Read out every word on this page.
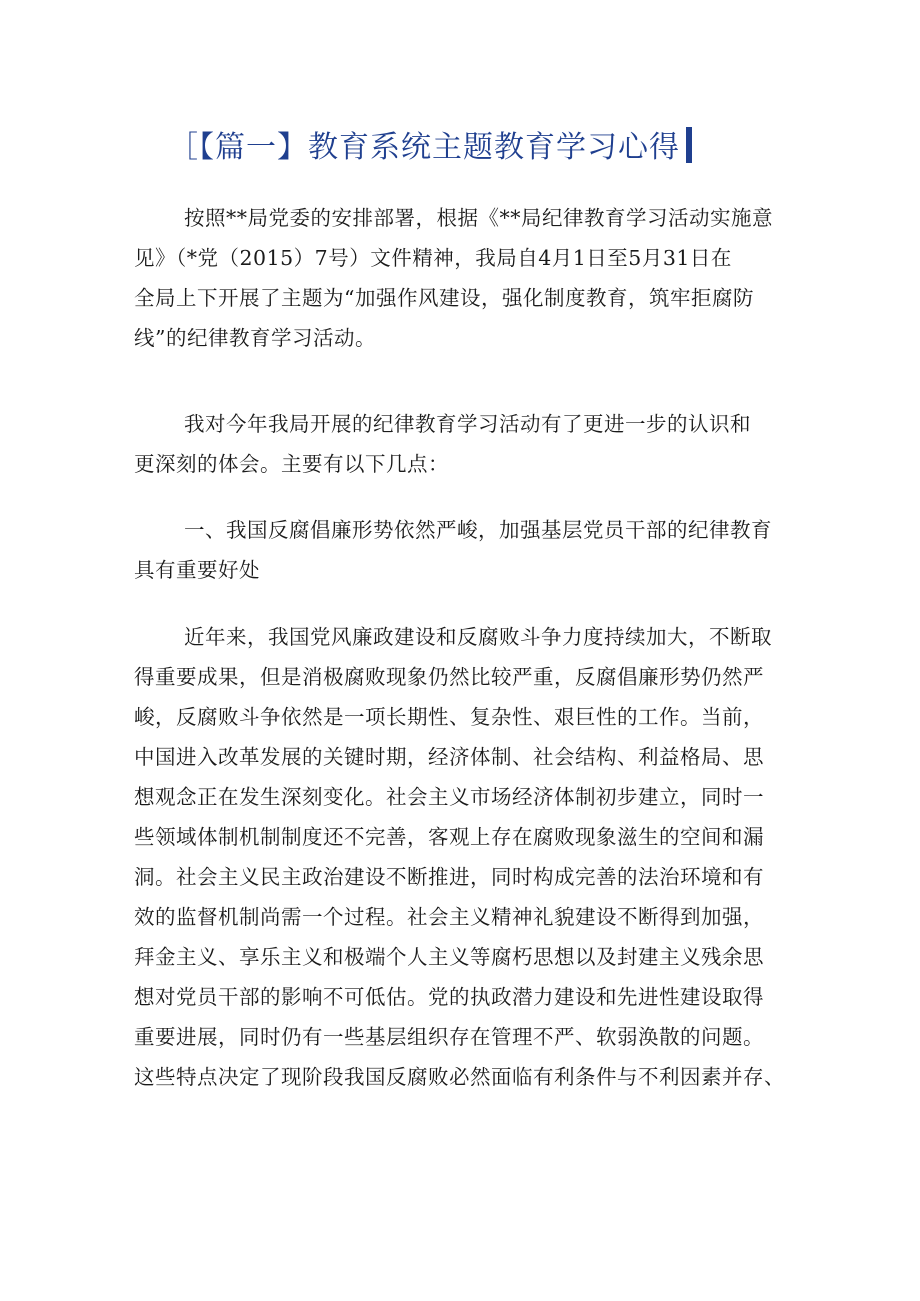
［【篇一】教育系统主题教育学习心得
按照**局党委的安排部署，根据《**局纪律教育学习活动实施意
见》（*党（2015）7号）文件精神，我局自4月1日至5月31日在
全局上下开展了主题为“加强作风建设，强化制度教育，筑牢拒腐防
线”的纪律教育学习活动。
我对今年我局开展的纪律教育学习活动有了更进一步的认识和
更深刻的体会。主要有以下几点：
一、我国反腐倡廉形势依然严峻，加强基层党员干部的纪律教育
具有重要好处
近年来，我国党风廉政建设和反腐败斗争力度持续加大，不断取
得重要成果，但是消极腐败现象仍然比较严重，反腐倡廉形势仍然严
峻，反腐败斗争依然是一项长期性、复杂性、艰巨性的工作。当前，
中国进入改革发展的关键时期，经济体制、社会结构、利益格局、思
想观念正在发生深刻变化。社会主义市场经济体制初步建立，同时一
些领域体制机制制度还不完善，客观上存在腐败现象滋生的空间和漏
洞。社会主义民主政治建设不断推进，同时构成完善的法治环境和有
效的监督机制尚需一个过程。社会主义精神礼貌建设不断得到加强，
拜金主义、享乐主义和极端个人主义等腐朽思想以及封建主义残余思
想对党员干部的影响不可低估。党的执政潜力建设和先进性建设取得
重要进展，同时仍有一些基层组织存在管理不严、软弱涣散的问题。
这些特点决定了现阶段我国反腐败必然面临有利条件与不利因素并存、
